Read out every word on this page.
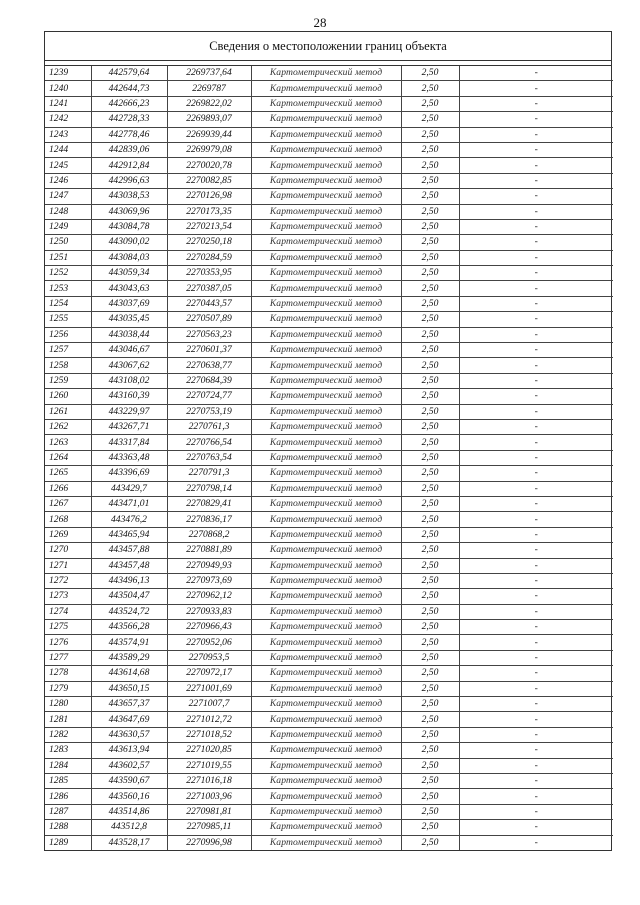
28
Сведения о местоположении границ объекта
1239	442579,64	2269737,64	Картометрический метод	2,50	-
1240	442644,73	2269787	Картометрический метод	2,50	-
1241	442666,23	2269822,02	Картометрический метод	2,50	-
1242	442728,33	2269893,07	Картометрический метод	2,50	-
1243	442778,46	2269939,44	Картометрический метод	2,50	-
1244	442839,06	2269979,08	Картометрический метод	2,50	-
1245	442912,84	2270020,78	Картометрический метод	2,50	-
1246	442996,63	2270082,85	Картометрический метод	2,50	-
1247	443038,53	2270126,98	Картометрический метод	2,50	-
1248	443069,96	2270173,35	Картометрический метод	2,50	-
1249	443084,78	2270213,54	Картометрический метод	2,50	-
1250	443090,02	2270250,18	Картометрический метод	2,50	-
1251	443084,03	2270284,59	Картометрический метод	2,50	-
1252	443059,34	2270353,95	Картометрический метод	2,50	-
1253	443043,63	2270387,05	Картометрический метод	2,50	-
1254	443037,69	2270443,57	Картометрический метод	2,50	-
1255	443035,45	2270507,89	Картометрический метод	2,50	-
1256	443038,44	2270563,23	Картометрический метод	2,50	-
1257	443046,67	2270601,37	Картометрический метод	2,50	-
1258	443067,62	2270638,77	Картометрический метод	2,50	-
1259	443108,02	2270684,39	Картометрический метод	2,50	-
1260	443160,39	2270724,77	Картометрический метод	2,50	-
1261	443229,97	2270753,19	Картометрический метод	2,50	-
1262	443267,71	2270761,3	Картометрический метод	2,50	-
1263	443317,84	2270766,54	Картометрический метод	2,50	-
1264	443363,48	2270763,54	Картометрический метод	2,50	-
1265	443396,69	2270791,3	Картометрический метод	2,50	-
1266	443429,7	2270798,14	Картометрический метод	2,50	-
1267	443471,01	2270829,41	Картометрический метод	2,50	-
1268	443476,2	2270836,17	Картометрический метод	2,50	-
1269	443465,94	2270868,2	Картометрический метод	2,50	-
1270	443457,88	2270881,89	Картометрический метод	2,50	-
1271	443457,48	2270949,93	Картометрический метод	2,50	-
1272	443496,13	2270973,69	Картометрический метод	2,50	-
1273	443504,47	2270962,12	Картометрический метод	2,50	-
1274	443524,72	2270933,83	Картометрический метод	2,50	-
1275	443566,28	2270966,43	Картометрический метод	2,50	-
1276	443574,91	2270952,06	Картометрический метод	2,50	-
1277	443589,29	2270953,5	Картометрический метод	2,50	-
1278	443614,68	2270972,17	Картометрический метод	2,50	-
1279	443650,15	2271001,69	Картометрический метод	2,50	-
1280	443657,37	2271007,7	Картометрический метод	2,50	-
1281	443647,69	2271012,72	Картометрический метод	2,50	-
1282	443630,57	2271018,52	Картометрический метод	2,50	-
1283	443613,94	2271020,85	Картометрический метод	2,50	-
1284	443602,57	2271019,55	Картометрический метод	2,50	-
1285	443590,67	2271016,18	Картометрический метод	2,50	-
1286	443560,16	2271003,96	Картометрический метод	2,50	-
1287	443514,86	2270981,81	Картометрический метод	2,50	-
1288	443512,8	2270985,11	Картометрический метод	2,50	-
1289	443528,17	2270996,98	Картометрический метод	2,50	-
